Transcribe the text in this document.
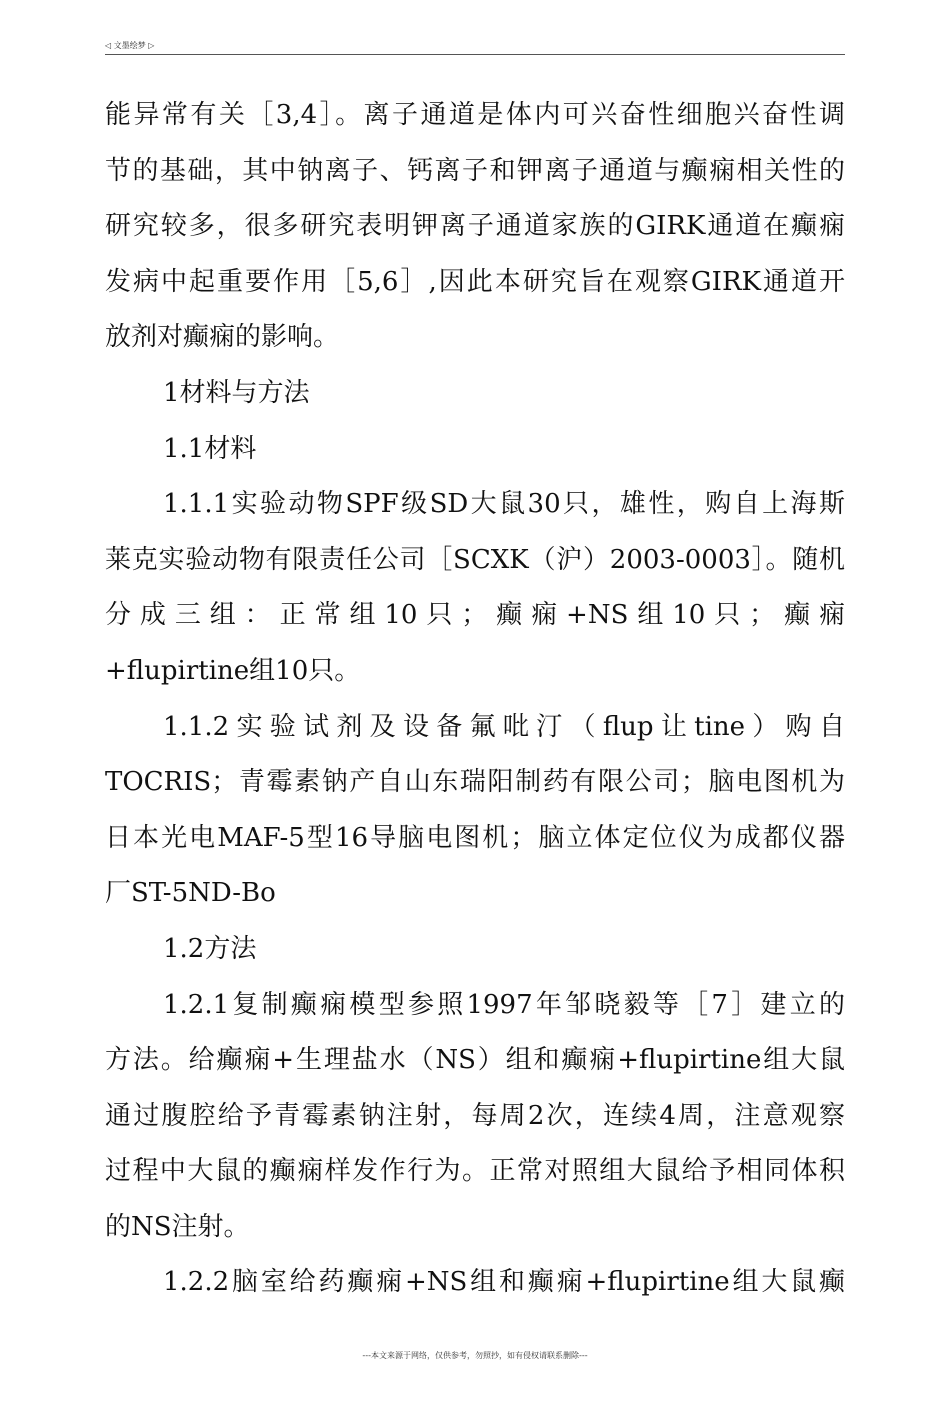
◁ 文墨绘梦 ▷
能异常有关［3,4］。离子通道是体内可兴奋性细胞兴奋性调
节的基础，其中钠离子、钙离子和钾离子通道与癫痫相关性的
研究较多，很多研究表明钾离子通道家族的GIRK通道在癫痫
发病中起重要作用［5,6］,因此本研究旨在观察GIRK通道开
放剂对癫痫的影响。
1材料与方法
1.1材料
1.1.1实验动物SPF级SD大鼠30只，雄性，购自上海斯
莱克实验动物有限责任公司［SCXK（沪）2003-0003］。随机
分成三组：正常组10只；癫痫+NS组10只；癫痫
+flupirtine组10只。
1.1.2实验试剂及设备氟吡汀（flup让tine）购自
TOCRIS；青霉素钠产自山东瑞阳制药有限公司；脑电图机为
日本光电MAF-5型16导脑电图机；脑立体定位仪为成都仪器
厂ST-5ND-Bo
1.2方法
1.2.1复制癫痫模型参照1997年邹晓毅等［7］建立的
方法。给癫痫+生理盐水（NS）组和癫痫+flupirtine组大鼠
通过腹腔给予青霉素钠注射，每周2次，连续4周，注意观察
过程中大鼠的癫痫样发作行为。正常对照组大鼠给予相同体积
的NS注射。
1.2.2脑室给药癫痫+NS组和癫痫+flupirtine组大鼠癫
---本文来源于网络，仅供参考，勿照抄，如有侵权请联系删除---
